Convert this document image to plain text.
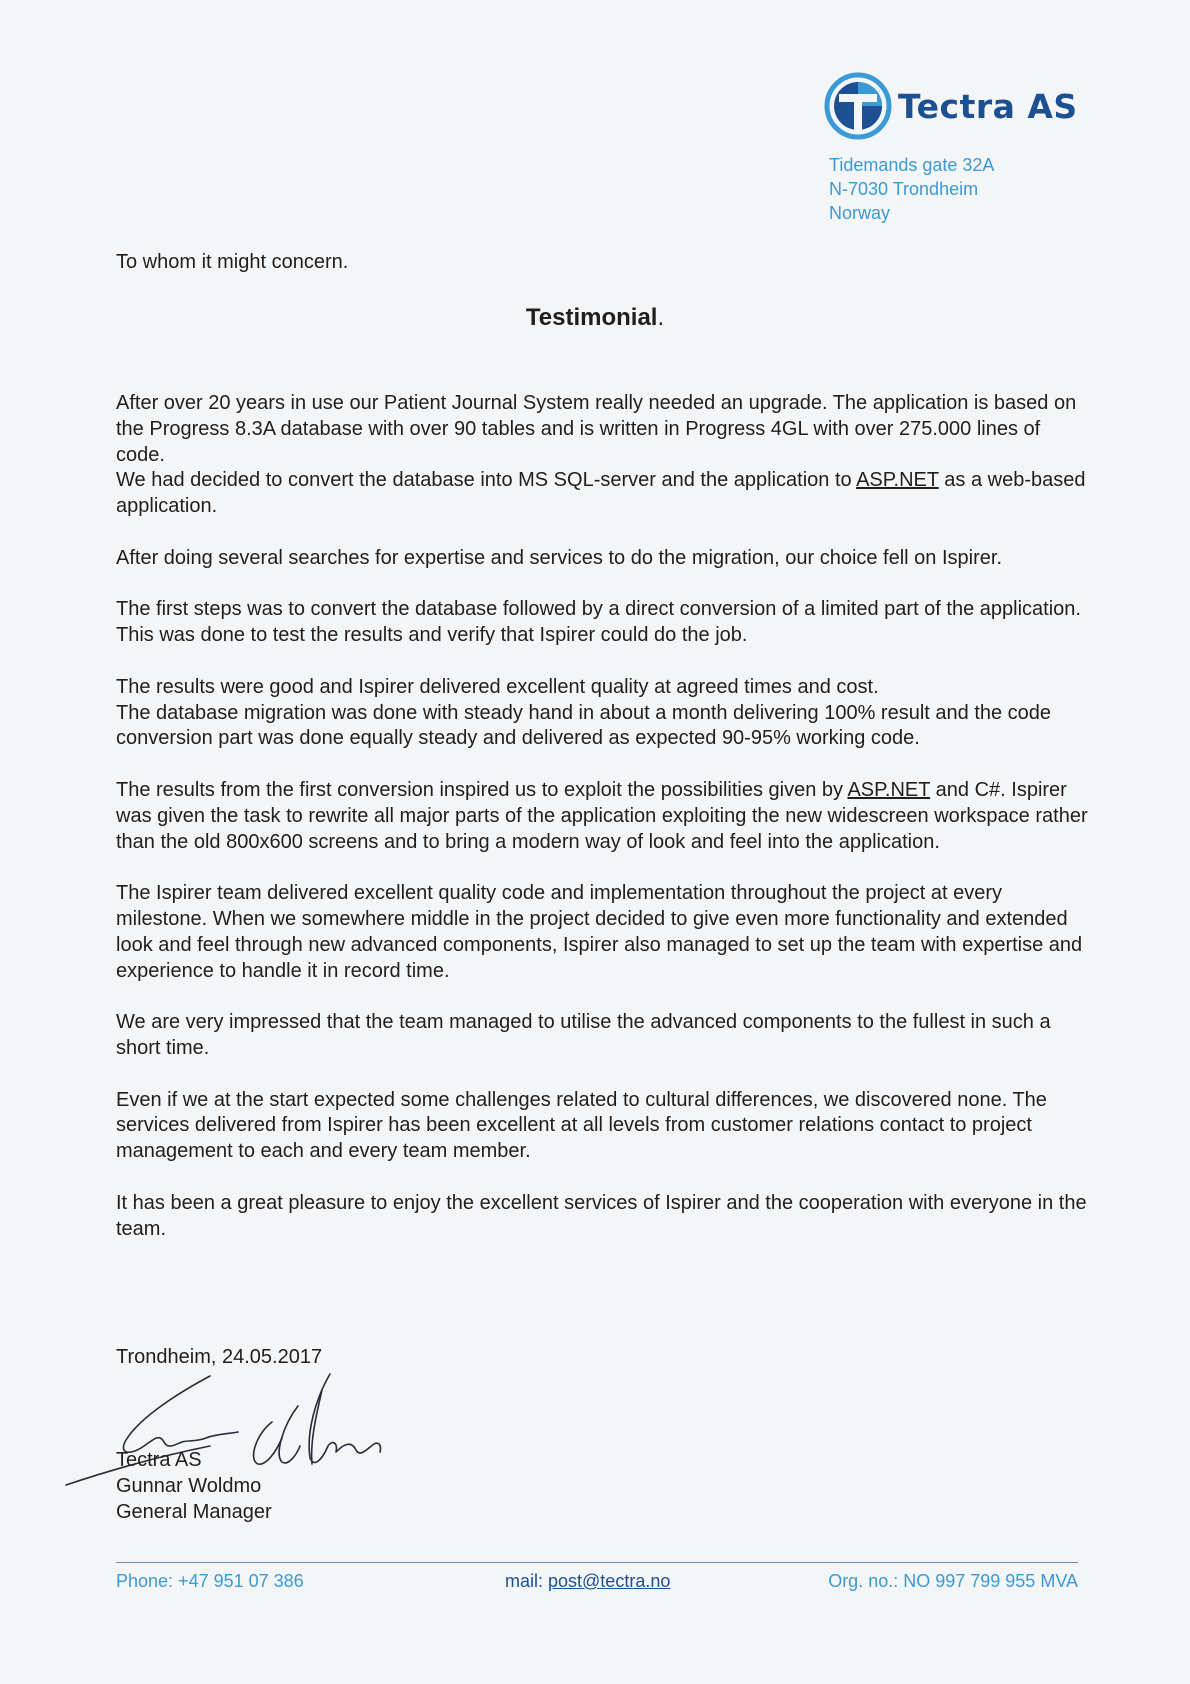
Tectra AS
Tidemands gate 32A
N-7030 Trondheim
Norway
To whom it might concern.
Testimonial.

After over 20 years in use our Patient Journal System really needed an upgrade. The application is based on the Progress 8.3A database with over 90 tables and is written in Progress 4GL with over 275.000 lines of code.
We had decided to convert the database into MS SQL-server and the application to ASP.NET as a web-based application.

After doing several searches for expertise and services to do the migration, our choice fell on Ispirer.

The first steps was to convert the database followed by a direct conversion of a limited part of the application. This was done to test the results and verify that Ispirer could do the job.

The results were good and Ispirer delivered excellent quality at agreed times and cost.
The database migration was done with steady hand in about a month delivering 100% result and the code conversion part was done equally steady and delivered as expected 90-95% working code.

The results from the first conversion inspired us to exploit the possibilities given by ASP.NET and C#. Ispirer was given the task to rewrite all major parts of the application exploiting the new widescreen workspace rather than the old 800x600 screens and to bring a modern way of look and feel into the application.

The Ispirer team delivered excellent quality code and implementation throughout the project at every milestone. When we somewhere middle in the project decided to give even more functionality and extended look and feel through new advanced components, Ispirer also managed to set up the team with expertise and experience to handle it in record time.

We are very impressed that the team managed to utilise the advanced components to the fullest in such a short time.

Even if we at the start expected some challenges related to cultural differences, we discovered none. The services delivered from Ispirer has been excellent at all levels from customer relations contact to project management to each and every team member.

It has been a great pleasure to enjoy the excellent services of Ispirer and the cooperation with everyone in the team.

Trondheim, 24.05.2017
Tectra AS
Gunnar Woldmo
General Manager
Phone: +47 951 07 386	mail: post@tectra.no	Org. no.: NO 997 799 955 MVA
